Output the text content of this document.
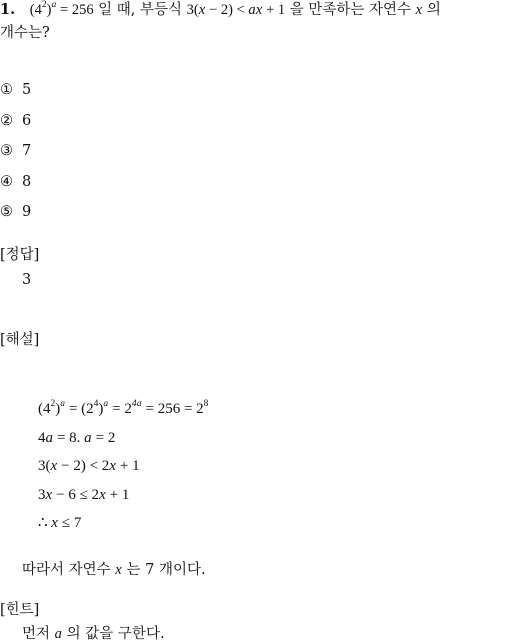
1. $(4^2)^a = 256$ 일 때, 부등식 3(x − 2) < ax + 1 을 만족하는 자연수 x 의
개수는?
① 5
② 6
③ 7
④ 8
⑤ 9
[정답]
3
[해설]
$(4^2)^a = (2^4)^a = 2^{4a} = 256 = 2^8$
4a = 8. a = 2
3(x − 2) < 2x + 1
3x − 6 ≤ 2x + 1
∴ x ≤ 7
따라서 자연수 x 는 7 개이다.
[힌트]
먼저 a 의 값을 구한다.
